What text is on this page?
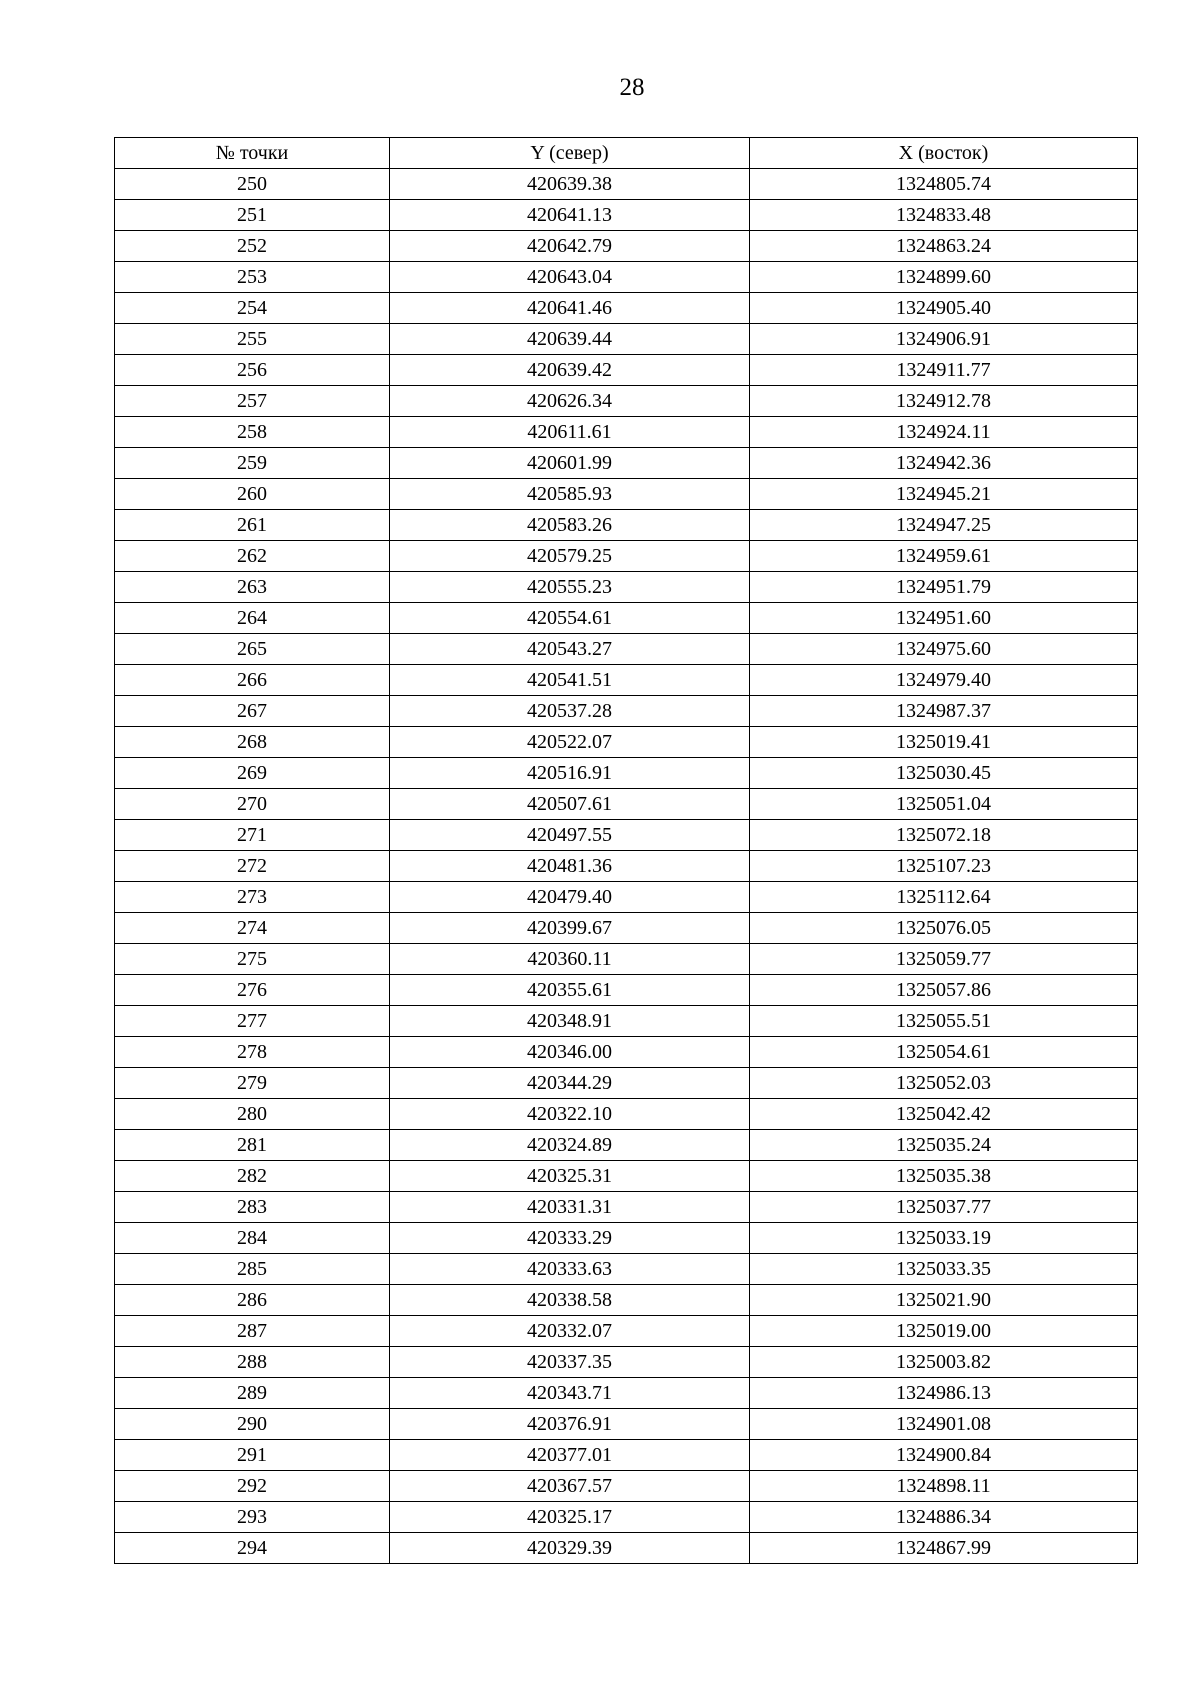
28
№ точки	Y (север)	X (восток)
250	420639.38	1324805.74
251	420641.13	1324833.48
252	420642.79	1324863.24
253	420643.04	1324899.60
254	420641.46	1324905.40
255	420639.44	1324906.91
256	420639.42	1324911.77
257	420626.34	1324912.78
258	420611.61	1324924.11
259	420601.99	1324942.36
260	420585.93	1324945.21
261	420583.26	1324947.25
262	420579.25	1324959.61
263	420555.23	1324951.79
264	420554.61	1324951.60
265	420543.27	1324975.60
266	420541.51	1324979.40
267	420537.28	1324987.37
268	420522.07	1325019.41
269	420516.91	1325030.45
270	420507.61	1325051.04
271	420497.55	1325072.18
272	420481.36	1325107.23
273	420479.40	1325112.64
274	420399.67	1325076.05
275	420360.11	1325059.77
276	420355.61	1325057.86
277	420348.91	1325055.51
278	420346.00	1325054.61
279	420344.29	1325052.03
280	420322.10	1325042.42
281	420324.89	1325035.24
282	420325.31	1325035.38
283	420331.31	1325037.77
284	420333.29	1325033.19
285	420333.63	1325033.35
286	420338.58	1325021.90
287	420332.07	1325019.00
288	420337.35	1325003.82
289	420343.71	1324986.13
290	420376.91	1324901.08
291	420377.01	1324900.84
292	420367.57	1324898.11
293	420325.17	1324886.34
294	420329.39	1324867.99
